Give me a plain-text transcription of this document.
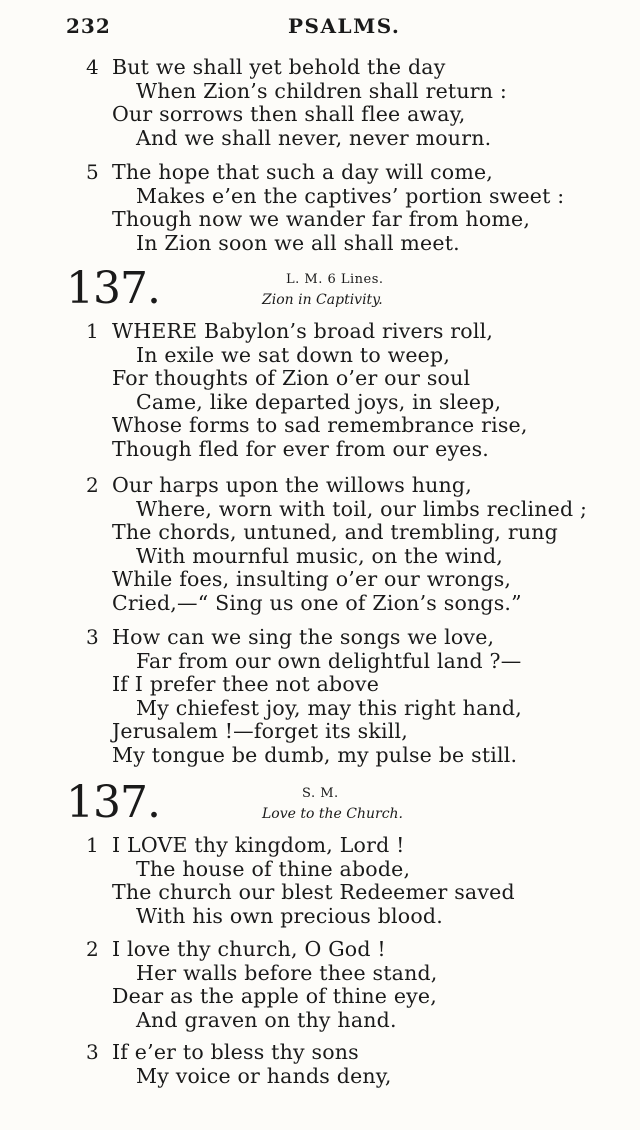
232	PSALMS.
4 But we shall yet behold the day
When Zion’s children shall return :
Our sorrows then shall flee away,
And we shall never, never mourn.
5 The hope that such a day will come,
Makes e’en the captives’ portion sweet :
Though now we wander far from home,
In Zion soon we all shall meet.
137.	L. M. 6 Lines.
Zion in Captivity.
1 WHERE Babylon’s broad rivers roll,
In exile we sat down to weep,
For thoughts of Zion o’er our soul
Came, like departed joys, in sleep,
Whose forms to sad remembrance rise,
Though fled for ever from our eyes.
2 Our harps upon the willows hung,
Where, worn with toil, our limbs reclined ;
The chords, untuned, and trembling, rung
With mournful music, on the wind,
While foes, insulting o’er our wrongs,
Cried,—“ Sing us one of Zion’s songs.”
3 How can we sing the songs we love,
Far from our own delightful land ?—
If I prefer thee not above
My chiefest joy, may this right hand,
Jerusalem !—forget its skill,
My tongue be dumb, my pulse be still.
137.	S. M.
Love to the Church.
1 I LOVE thy kingdom, Lord !
The house of thine abode,
The church our blest Redeemer saved
With his own precious blood.
2 I love thy church, O God !
Her walls before thee stand,
Dear as the apple of thine eye,
And graven on thy hand.
3 If e’er to bless thy sons
My voice or hands deny,
